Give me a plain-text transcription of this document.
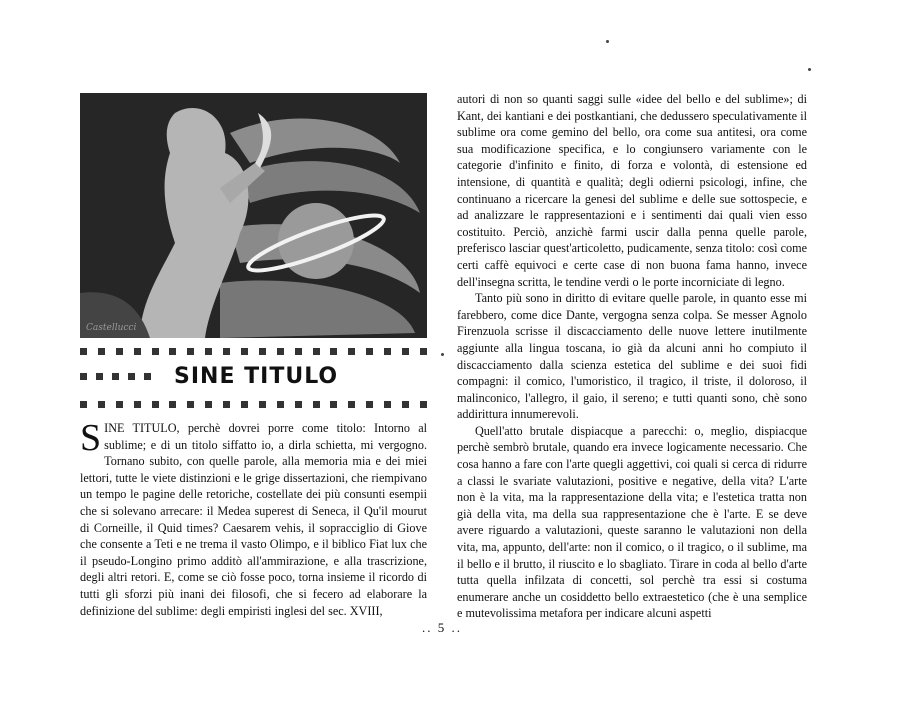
Castellucci
SINE TITULO

SINE TITULO, perchè dovrei porre come titolo: Intorno al sublime; e di un titolo siffatto io, a dirla schietta, mi vergogno. Tornano subito, con quelle parole, alla memoria mia e dei miei lettori, tutte le viete distinzioni e le grige dissertazioni, che riempivano un tempo le pagine delle retoriche, costellate dei più consunti esempii che si solevano arrecare: il Medea superest di Seneca, il Qu'il mourut di Corneille, il Quid times? Caesarem vehis, il sopracciglio di Giove che consente a Teti e ne trema il vasto Olimpo, e il biblico Fiat lux che il pseudo-Longino primo additò all'ammirazione, e alla trascrizione, degli altri retori. E, come se ciò fosse poco, torna insieme il ricordo di tutti gli sforzi più inani dei filosofi, che si fecero ad elaborare la definizione del sublime: degli empiristi inglesi del sec. XVIII,

autori di non so quanti saggi sulle «idee del bello e del sublime»; di Kant, dei kantiani e dei postkantiani, che dedussero speculativamente il sublime ora come gemino del bello, ora come sua antitesi, ora come sua modificazione specifica, e lo congiunsero variamente con le categorie d'infinito e finito, di forza e volontà, di estensione ed intensione, di quantità e qualità; degli odierni psicologi, infine, che continuano a ricercare la genesi del sublime e delle sue sottospecie, e ad analizzare le rappresentazioni e i sentimenti dai quali vien esso costituito. Perciò, anzichè farmi uscir dalla penna quelle parole, preferisco lasciar quest'articoletto, pudicamente, senza titolo: così come certi caffè equivoci e certe case di non buona fama hanno, invece dell'insegna scritta, le tendine verdi o le porte incorniciate di legno.

Tanto più sono in diritto di evitare quelle parole, in quanto esse mi farebbero, come dice Dante, vergogna senza colpa. Se messer Agnolo Firenzuola scrisse il discacciamento delle nuove lettere inutilmente aggiunte alla lingua toscana, io già da alcuni anni ho compiuto il discacciamento dalla scienza estetica del sublime e dei suoi fidi compagni: il comico, l'umoristico, il tragico, il triste, il doloroso, il malinconico, l'allegro, il gaio, il sereno; e tutti quanti sono, chè sono addirittura innumerevoli.

Quell'atto brutale dispiacque a parecchi: o, meglio, dispiacque perchè sembrò brutale, quando era invece logicamente necessario. Che cosa hanno a fare con l'arte quegli aggettivi, coi quali si cerca di ridurre a classi le svariate valutazioni, positive e negative, della vita? L'arte non è la vita, ma la rappresentazione della vita; e l'estetica tratta non già della vita, ma della sua rappresentazione che è l'arte. E se deve avere riguardo a valutazioni, queste saranno le valutazioni non della vita, ma, appunto, dell'arte: non il comico, o il tragico, o il sublime, ma il bello e il brutto, il riuscito e lo sbagliato. Tirare in coda al bello d'arte tutta quella infilzata di concetti, sol perchè tra essi si costuma enumerare anche un cosiddetto bello extraestetico (che è una semplice e mutevolissima metafora per indicare alcuni aspetti

.. 5 ..
